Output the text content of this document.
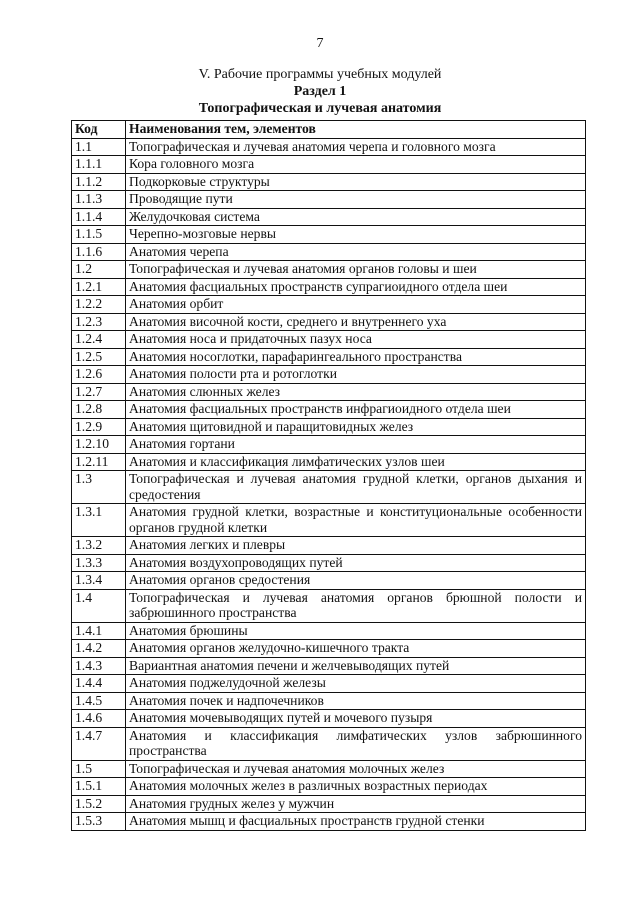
7
V. Рабочие программы учебных модулей
Раздел 1
Топографическая и лучевая анатомия
Код	Наименования тем, элементов
1.1	Топографическая и лучевая анатомия черепа и головного мозга
1.1.1	Кора головного мозга
1.1.2	Подкорковые структуры
1.1.3	Проводящие пути
1.1.4	Желудочковая система
1.1.5	Черепно-мозговые нервы
1.1.6	Анатомия черепа
1.2	Топографическая и лучевая анатомия органов головы и шеи
1.2.1	Анатомия фасциальных пространств супрагиоидного отдела шеи
1.2.2	Анатомия орбит
1.2.3	Анатомия височной кости, среднего и внутреннего уха
1.2.4	Анатомия носа и придаточных пазух носа
1.2.5	Анатомия носоглотки, парафарингеального пространства
1.2.6	Анатомия полости рта и ротоглотки
1.2.7	Анатомия слюнных желез
1.2.8	Анатомия фасциальных пространств инфрагиоидного отдела шеи
1.2.9	Анатомия щитовидной и паращитовидных желез
1.2.10	Анатомия гортани
1.2.11	Анатомия и классификация лимфатических узлов шеи
1.3	Топографическая и лучевая анатомия грудной клетки, органов дыхания и средостения
1.3.1	Анатомия грудной клетки, возрастные и конституциональные особенности органов грудной клетки
1.3.2	Анатомия легких и плевры
1.3.3	Анатомия воздухопроводящих путей
1.3.4	Анатомия органов средостения
1.4	Топографическая и лучевая анатомия органов брюшной полости и забрюшинного пространства
1.4.1	Анатомия брюшины
1.4.2	Анатомия органов желудочно-кишечного тракта
1.4.3	Вариантная анатомия печени и желчевыводящих путей
1.4.4	Анатомия поджелудочной железы
1.4.5	Анатомия почек и надпочечников
1.4.6	Анатомия мочевыводящих путей и мочевого пузыря
1.4.7	Анатомия и классификация лимфатических узлов забрюшинного пространства
1.5	Топографическая и лучевая анатомия молочных желез
1.5.1	Анатомия молочных желез в различных возрастных периодах
1.5.2	Анатомия грудных желез у мужчин
1.5.3	Анатомия мышц и фасциальных пространств грудной стенки
